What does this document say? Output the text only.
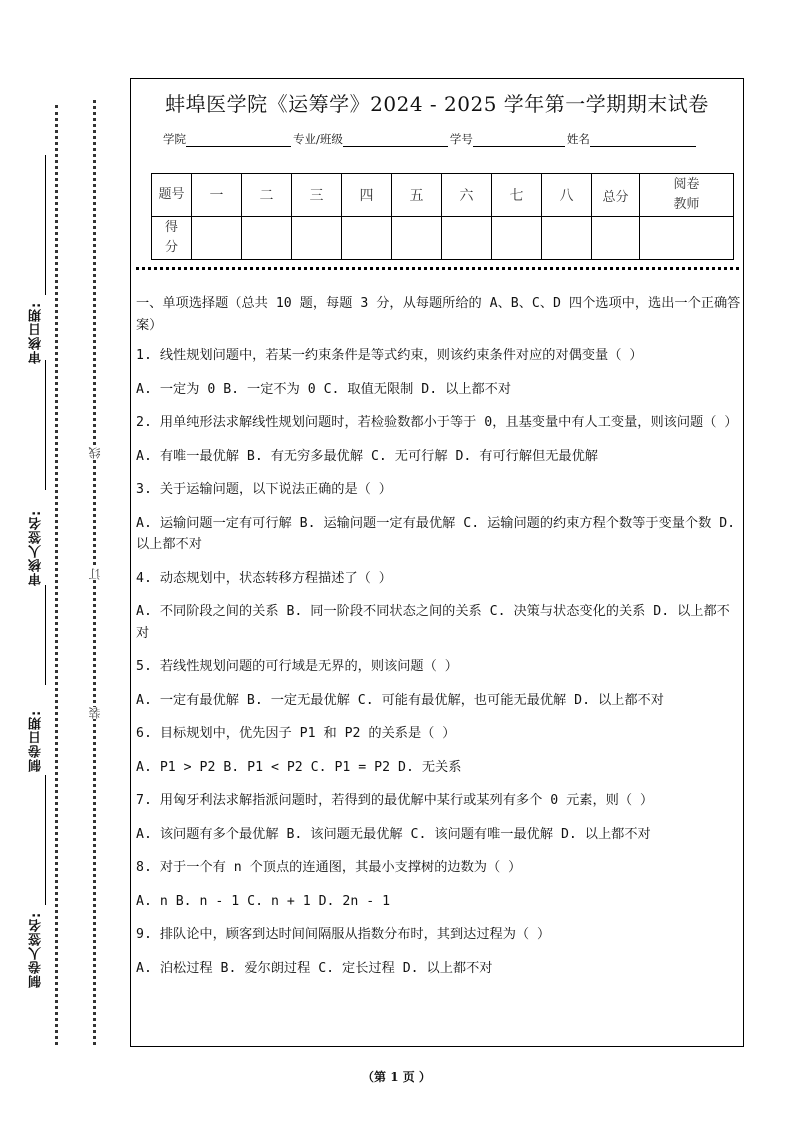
审核日期:
审核人签名:
制卷日期:
制卷人签名:
线
订
装
蚌埠医学院《运筹学》2024 - 2025 学年第一学期期末试卷
学院	专业/班级	学号	姓名
题号	一	二	三	四	五	六	七	八	总分	阅卷教师
得分										

一、单项选择题（总共 10 题，每题 3 分，从每题所给的 A、B、C、D 四个选项中，选出一个正确答案）

1. 线性规划问题中，若某一约束条件是等式约束，则该约束条件对应的对偶变量（ ）

A. 一定为 0 B. 一定不为 0 C. 取值无限制 D. 以上都不对

2. 用单纯形法求解线性规划问题时，若检验数都小于等于 0，且基变量中有人工变量，则该问题（ ）

A. 有唯一最优解 B. 有无穷多最优解 C. 无可行解 D. 有可行解但无最优解

3. 关于运输问题，以下说法正确的是（ ）

A. 运输问题一定有可行解 B. 运输问题一定有最优解 C. 运输问题的约束方程个数等于变量个数 D. 以上都不对

4. 动态规划中，状态转移方程描述了（ ）

A. 不同阶段之间的关系 B. 同一阶段不同状态之间的关系 C. 决策与状态变化的关系 D. 以上都不对

5. 若线性规划问题的可行域是无界的，则该问题（ ）

A. 一定有最优解 B. 一定无最优解 C. 可能有最优解，也可能无最优解 D. 以上都不对

6. 目标规划中，优先因子 P1 和 P2 的关系是（ ）

A. P1 > P2 B. P1 < P2 C. P1 = P2 D. 无关系

7. 用匈牙利法求解指派问题时，若得到的最优解中某行或某列有多个 0 元素，则（ ）

A. 该问题有多个最优解 B. 该问题无最优解 C. 该问题有唯一最优解 D. 以上都不对

8. 对于一个有 n 个顶点的连通图，其最小支撑树的边数为（ ）

A. n B. n - 1 C. n + 1 D. 2n - 1

9. 排队论中，顾客到达时间间隔服从指数分布时，其到达过程为（ ）

A. 泊松过程 B. 爱尔朗过程 C. 定长过程 D. 以上都不对

（第 1 页 ）
